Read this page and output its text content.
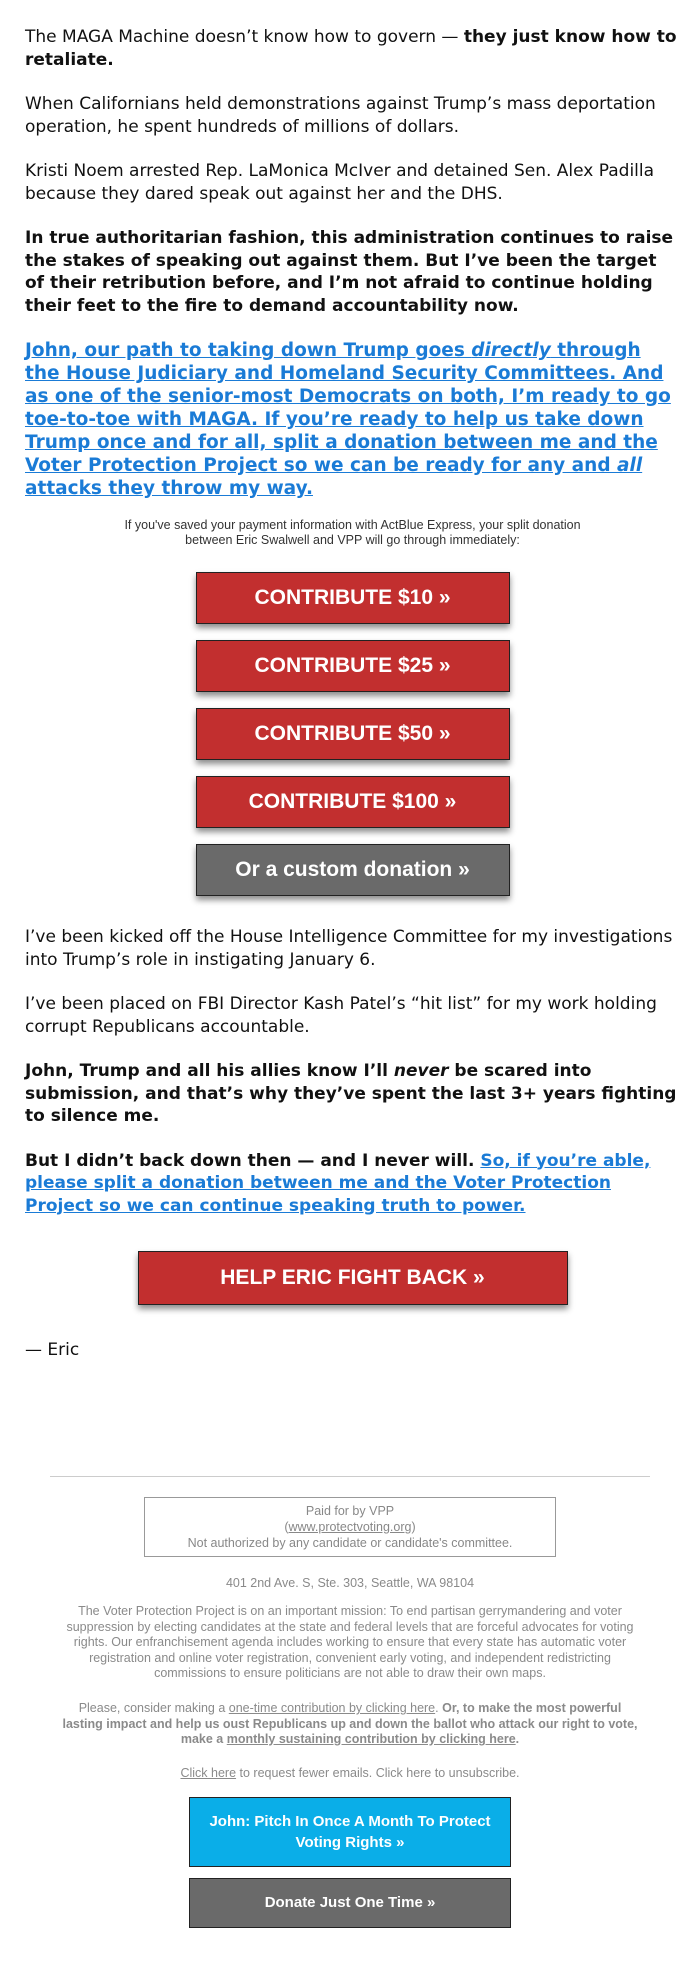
The MAGA Machine doesn’t know how to govern — they just know how to retaliate.

When Californians held demonstrations against Trump’s mass deportation operation, he spent hundreds of millions of dollars.

Kristi Noem arrested Rep. LaMonica McIver and detained Sen. Alex Padilla because they dared speak out against her and the DHS.

In true authoritarian fashion, this administration continues to raise the stakes of speaking out against them. But I’ve been the target of their retribution before, and I’m not afraid to continue holding their feet to the fire to demand accountability now.

John, our path to taking down Trump goes directly through the House Judiciary and Homeland Security Committees. And as one of the senior-most Democrats on both, I’m ready to go toe-to-toe with MAGA. If you’re ready to help us take down Trump once and for all, split a donation between me and the Voter Protection Project so we can be ready for any and all attacks they throw my way.

If you've saved your payment information with ActBlue Express, your split donation between Eric Swalwell and VPP will go through immediately:
CONTRIBUTE $10 »
CONTRIBUTE $25 »
CONTRIBUTE $50 »
CONTRIBUTE $100 »
Or a custom donation »

I’ve been kicked off the House Intelligence Committee for my investigations into Trump’s role in instigating January 6.

I’ve been placed on FBI Director Kash Patel’s “hit list” for my work holding corrupt Republicans accountable.

John, Trump and all his allies know I’ll never be scared into submission, and that’s why they’ve spent the last 3+ years fighting to silence me.

But I didn’t back down then — and I never will. So, if you’re able, please split a donation between me and the Voter Protection Project so we can continue speaking truth to power.

HELP ERIC FIGHT BACK »

— Eric

Paid for by VPP
(www.protectvoting.org)
Not authorized by any candidate or candidate's committee.
401 2nd Ave. S, Ste. 303, Seattle, WA 98104
The Voter Protection Project is on an important mission: To end partisan gerrymandering and voter suppression by electing candidates at the state and federal levels that are forceful advocates for voting rights. Our enfranchisement agenda includes working to ensure that every state has automatic voter registration and online voter registration, convenient early voting, and independent redistricting commissions to ensure politicians are not able to draw their own maps.
Please, consider making a one-time contribution by clicking here. Or, to make the most powerful lasting impact and help us oust Republicans up and down the ballot who attack our right to vote, make a monthly sustaining contribution by clicking here.
Click here to request fewer emails. Click here to unsubscribe.
John: Pitch In Once A Month To Protect Voting Rights »
Donate Just One Time »
